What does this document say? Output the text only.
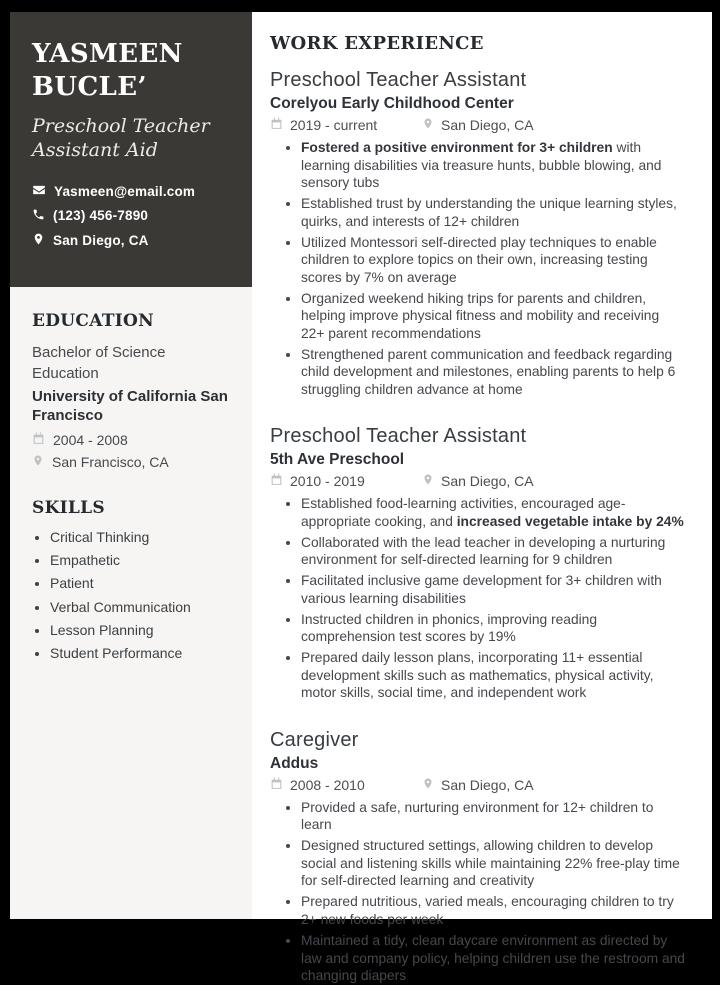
YASMEEN
BUCLE’
Preschool Teacher Assistant Aid
Yasmeen@email.com
(123) 456-7890
San Diego, CA
EDUCATION
Bachelor of Science Education
University of California San Francisco
2004 - 2008
San Francisco, CA
SKILLS
• Critical Thinking
• Empathetic
• Patient
• Verbal Communication
• Lesson Planning
• Student Performance
WORK EXPERIENCE
Preschool Teacher Assistant
Corelyou Early Childhood Center
2019 - current	San Diego, CA
• Fostered a positive environment for 3+ children with learning disabilities via treasure hunts, bubble blowing, and sensory tubs
• Established trust by understanding the unique learning styles, quirks, and interests of 12+ children
• Utilized Montessori self-directed play techniques to enable children to explore topics on their own, increasing testing scores by 7% on average
• Organized weekend hiking trips for parents and children, helping improve physical fitness and mobility and receiving 22+ parent recommendations
• Strengthened parent communication and feedback regarding child development and milestones, enabling parents to help 6 struggling children advance at home
Preschool Teacher Assistant
5th Ave Preschool
2010 - 2019	San Diego, CA
• Established food-learning activities, encouraged age-appropriate cooking, and increased vegetable intake by 24%
• Collaborated with the lead teacher in developing a nurturing environment for self-directed learning for 9 children
• Facilitated inclusive game development for 3+ children with various learning disabilities
• Instructed children in phonics, improving reading comprehension test scores by 19%
• Prepared daily lesson plans, incorporating 11+ essential development skills such as mathematics, physical activity, motor skills, social time, and independent work
Caregiver
Addus
2008 - 2010	San Diego, CA
• Provided a safe, nurturing environment for 12+ children to learn
• Designed structured settings, allowing children to develop social and listening skills while maintaining 22% free-play time for self-directed learning and creativity
• Prepared nutritious, varied meals, encouraging children to try 2+ new foods per week
• Maintained a tidy, clean daycare environment as directed by law and company policy, helping children use the restroom and changing diapers
